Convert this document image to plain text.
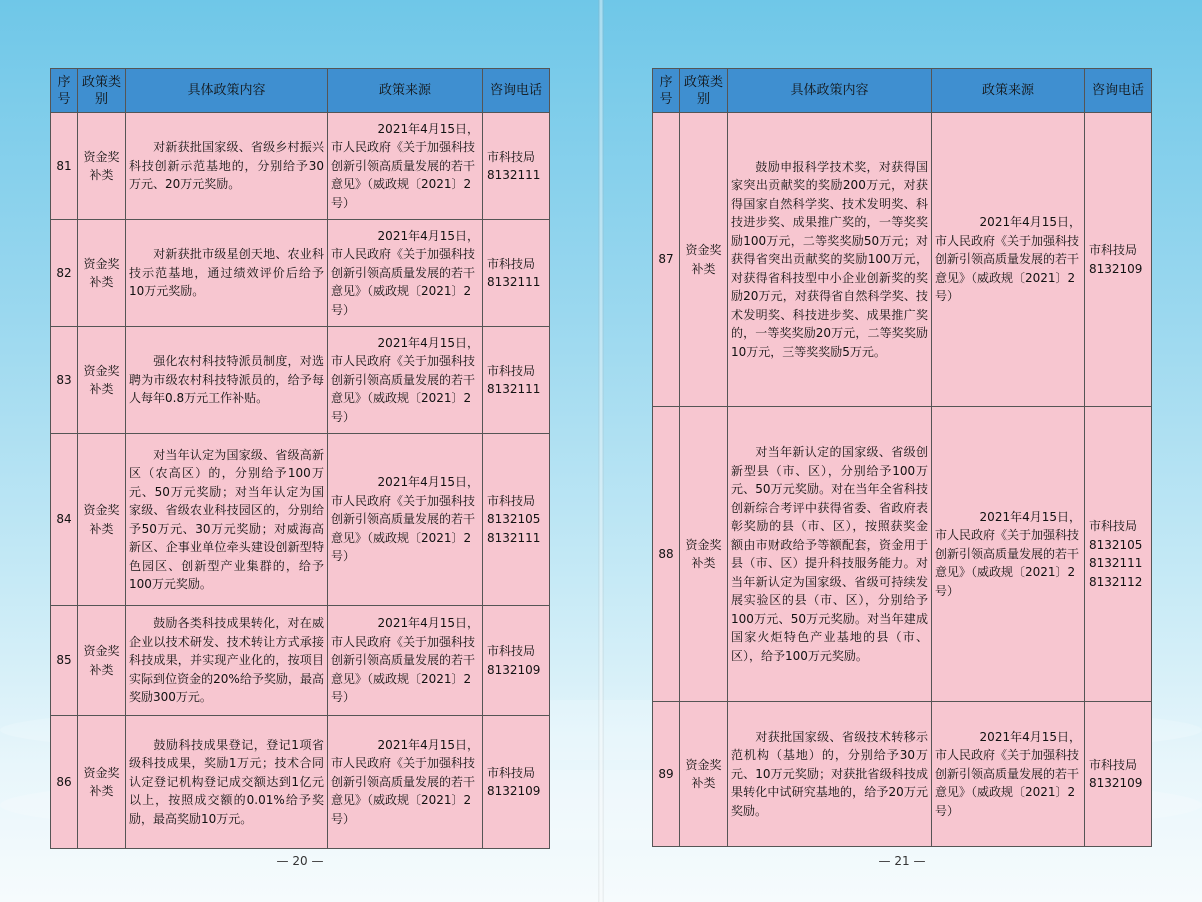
序号	政策类别	具体政策内容	政策来源	咨询电话
81	资金奖补类	对新获批国家级、省级乡村振兴科技创新示范基地的，分别给予30万元、20万元奖励。	2021年4月15日，
市人民政府《关于加强科技创新引领高质量发展的若干意见》（威政规〔2021〕2号）	市科技局8132111
82	资金奖补类	对新获批市级星创天地、农业科技示范基地，通过绩效评价后给予10万元奖励。	2021年4月15日，
市人民政府《关于加强科技创新引领高质量发展的若干意见》（威政规〔2021〕2号）	市科技局8132111
83	资金奖补类	强化农村科技特派员制度，对选聘为市级农村科技特派员的，给予每人每年0.8万元工作补贴。	2021年4月15日，
市人民政府《关于加强科技创新引领高质量发展的若干意见》（威政规〔2021〕2号）	市科技局8132111
84	资金奖补类	对当年认定为国家级、省级高新区（农高区）的，分别给予100万元、50万元奖励；对当年认定为国家级、省级农业科技园区的，分别给予50万元、30万元奖励；对威海高新区、企事业单位牵头建设创新型特色园区、创新型产业集群的，给予100万元奖励。	2021年4月15日，
市人民政府《关于加强科技创新引领高质量发展的若干意见》（威政规〔2021〕2号）	市科技局8132105 8132111
85	资金奖补类	鼓励各类科技成果转化，对在威企业以技术研发、技术转让方式承接科技成果，并实现产业化的，按项目实际到位资金的20%给予奖励，最高奖励300万元。	2021年4月15日，
市人民政府《关于加强科技创新引领高质量发展的若干意见》（威政规〔2021〕2号）	市科技局8132109
86	资金奖补类	鼓励科技成果登记，登记1项省级科技成果，奖励1万元；技术合同认定登记机构登记成交额达到1亿元以上，按照成交额的0.01%给予奖励，最高奖励10万元。	2021年4月15日，
市人民政府《关于加强科技创新引领高质量发展的若干意见》（威政规〔2021〕2号）	市科技局8132109
— 20 —
序号	政策类别	具体政策内容	政策来源	咨询电话
87	资金奖补类	鼓励申报科学技术奖，对获得国家突出贡献奖的奖励200万元，对获得国家自然科学奖、技术发明奖、科技进步奖、成果推广奖的，一等奖奖励100万元，二等奖奖励50万元；对获得省突出贡献奖的奖励100万元，对获得省科技型中小企业创新奖的奖励20万元，对获得省自然科学奖、技术发明奖、科技进步奖、成果推广奖的，一等奖奖励20万元，二等奖奖励10万元，三等奖奖励5万元。	2021年4月15日，
市人民政府《关于加强科技创新引领高质量发展的若干意见》（威政规〔2021〕2号）	市科技局8132109
88	资金奖补类	对当年新认定的国家级、省级创新型县（市、区），分别给予100万元、50万元奖励。对在当年全省科技创新综合考评中获得省委、省政府表彰奖励的县（市、区），按照获奖金额由市财政给予等额配套，资金用于县（市、区）提升科技服务能力。对当年新认定为国家级、省级可持续发展实验区的县（市、区），分别给予100万元、50万元奖励。对当年建成国家火炬特色产业基地的县（市、区），给予100万元奖励。	2021年4月15日，
市人民政府《关于加强科技创新引领高质量发展的若干意见》（威政规〔2021〕2号）	市科技局8132105 8132111 8132112
89	资金奖补类	对获批国家级、省级技术转移示范机构（基地）的，分别给予30万元、10万元奖励；对获批省级科技成果转化中试研究基地的，给予20万元奖励。	2021年4月15日，
市人民政府《关于加强科技创新引领高质量发展的若干意见》（威政规〔2021〕2号）	市科技局8132109
— 21 —
